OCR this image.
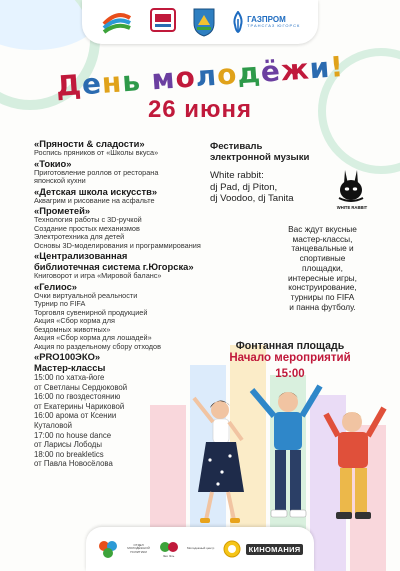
ГАЗПРОМ
ТРАНСГАЗ ЮГОРСК
День молодёжи!
26 июня
«Пряности & сладости»
Роспись пряников от «Школы вкуса»
«Токио»
Приготовление роллов от ресторана
японской кухни
«Детская школа искусств»
Аквагрим и рисование на асфальте
«Прометей»
Технология работы с 3D-ручкой
Создание простых механизмов
Электротехника для детей
Основы 3D-моделирования и программирования
«Централизованная
библиотечная система г.Югорска»
Книговорот и игра «Мировой баланс»
«Гелиос»
Очки виртуальной реальности
Турнир по FIFA
Торговля сувенирной продукцией
Акция «Сбор корма для
бездомных животных»
Акция «Сбор корма для лошадей»
Акция по раздельному сбору отходов
«PRO100ЭКО»
Мастер-классы
15:00 по хатха-йоге
от Светланы Сердюковой
16:00 по гвоздестоянию
от Екатерины Чариковой
16:00 арома от Ксении
Куталовой
17:00 по house dance
от Ларисы Лободы
18:00 по breakletics
от Павла Новосёлова
Фестиваль
электронной музыки
White rabbit:
dj Pad, dj Piton,
dj Voodoo, dj Tanita
WHITE RABBIT
Вас ждут вкусные
мастер-классы,
танцевальные и
спортивные
площадки,
интересные игры,
конструирование,
турниры по FIFA
и панна футболу.
Фонтанная площадь
Начало мероприятий
15:00
ОТДЕЛ МОЛОДЁЖНОЙ ПОЛИТИКИ
Эко Эль
Молодежный центр	КИНОМАНИЯ
